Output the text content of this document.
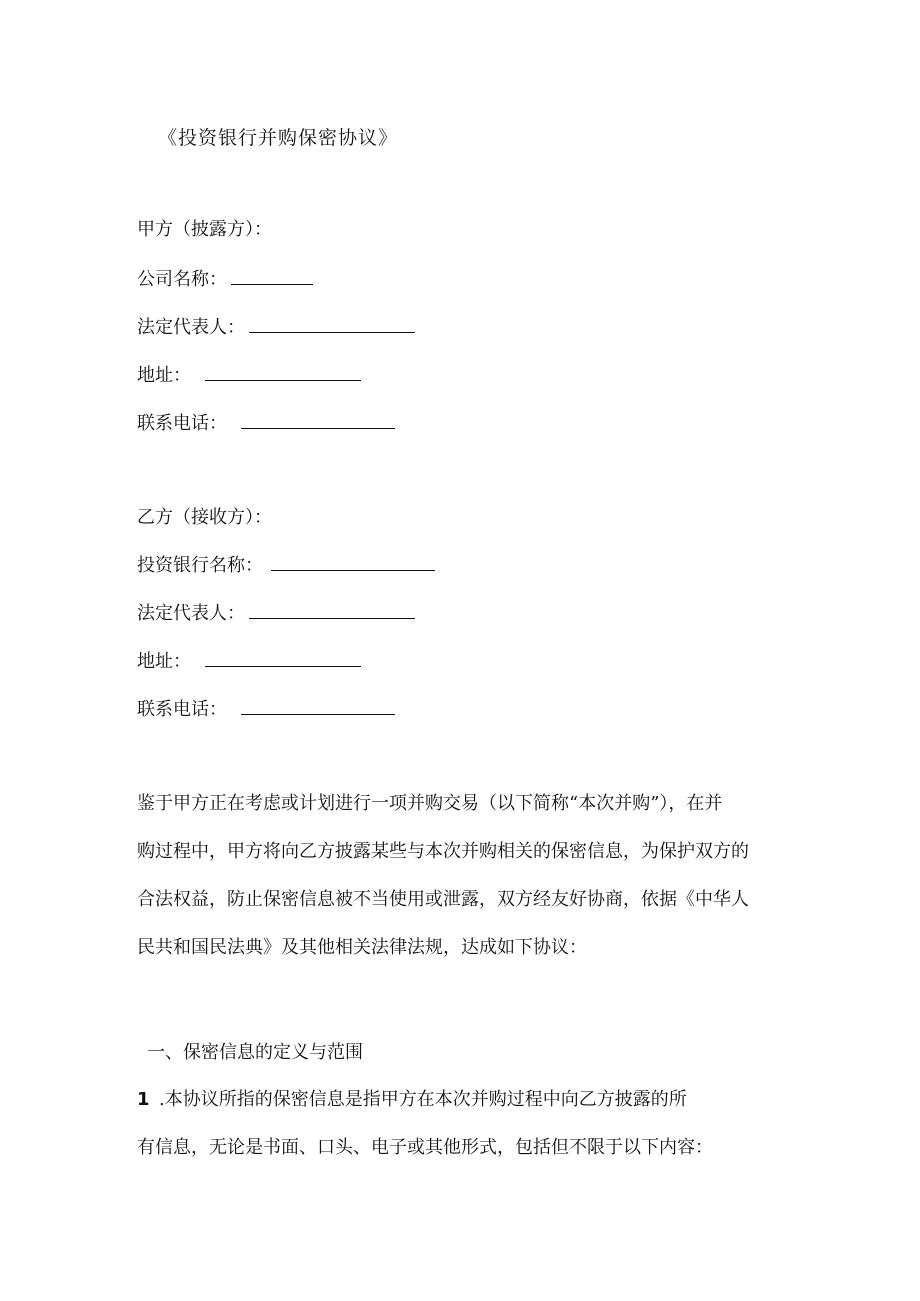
《投资银行并购保密协议》
甲方（披露方）：
公司名称：
法定代表人：
地址：
联系电话：
乙方（接收方）：
投资银行名称：
法定代表人：
地址：
联系电话：
鉴于甲方正在考虑或计划进行一项并购交易（以下简称“本次并购”），在并
购过程中，甲方将向乙方披露某些与本次并购相关的保密信息，为保护双方的
合法权益，防止保密信息被不当使用或泄露，双方经友好协商，依据《中华人
民共和国民法典》及其他相关法律法规，达成如下协议：
一、保密信息的定义与范围
1 .本协议所指的保密信息是指甲方在本次并购过程中向乙方披露的所
有信息，无论是书面、口头、电子或其他形式，包括但不限于以下内容：
